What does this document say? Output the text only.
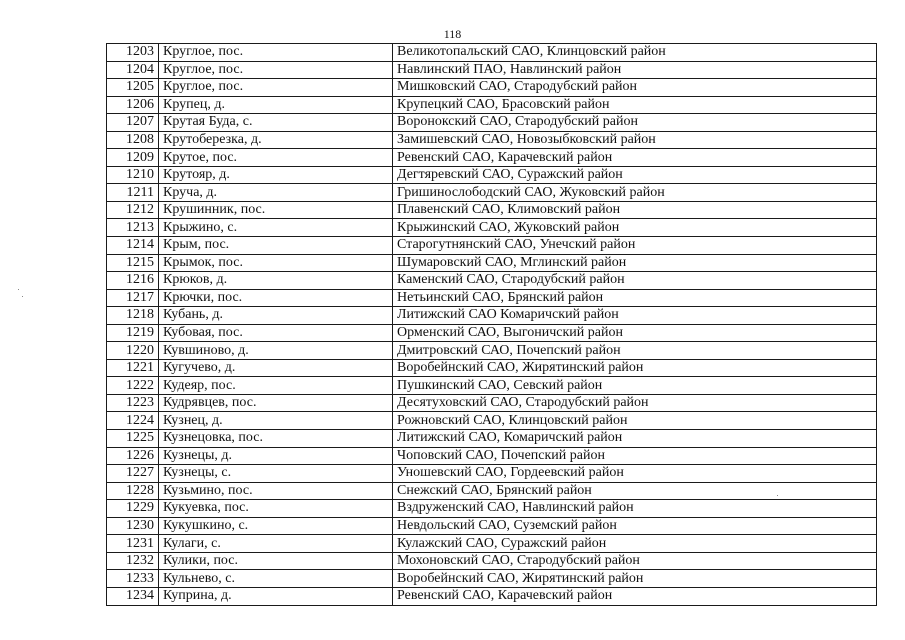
118
1203	Круглое, пос.	Великотопальский САО, Клинцовский район
1204	Круглое, пос.	Навлинский ПАО, Навлинский район
1205	Круглое, пос.	Мишковский САО, Стародубский район
1206	Крупец, д.	Крупецкий САО, Брасовский район
1207	Крутая Буда, с.	Воронокский САО, Стародубский район
1208	Крутоберезка, д.	Замишевский САО, Новозыбковский район
1209	Крутое, пос.	Ревенский САО, Карачевский район
1210	Крутояр, д.	Дегтяревский САО, Суражский район
1211	Круча, д.	Гришинослободский САО, Жуковский район
1212	Крушинник, пос.	Плавенский САО, Климовский район
1213	Крыжино, с.	Крыжинский САО, Жуковский район
1214	Крым, пос.	Старогутнянский САО, Унечский район
1215	Крымок, пос.	Шумаровский САО, Мглинский район
1216	Крюков, д.	Каменский САО, Стародубский район
1217	Крючки, пос.	Нетьинский САО, Брянский район
1218	Кубань, д.	Литижский САО Комаричский район
1219	Кубовая, пос.	Орменский САО, Выгоничский район
1220	Кувшиново, д.	Дмитровский САО, Почепский район
1221	Кугучево, д.	Воробейнский САО, Жирятинский район
1222	Кудеяр, пос.	Пушкинский САО, Севский район
1223	Кудрявцев, пос.	Десятуховский САО, Стародубский район
1224	Кузнец, д.	Рожновский САО, Клинцовский район
1225	Кузнецовка, пос.	Литижский САО, Комаричский район
1226	Кузнецы, д.	Чоповский САО, Почепский район
1227	Кузнецы, с.	Уношевский САО, Гордеевский район
1228	Кузьмино, пос.	Снежский САО, Брянский район
1229	Кукуевка, пос.	Вздруженский САО, Навлинский район
1230	Кукушкино, с.	Невдольский САО, Суземский район
1231	Кулаги, с.	Кулажский САО, Суражский район
1232	Кулики, пос.	Мохоновский САО, Стародубский район
1233	Кульнево, с.	Воробейнский САО, Жирятинский район
1234	Куприна, д.	Ревенский САО, Карачевский район
